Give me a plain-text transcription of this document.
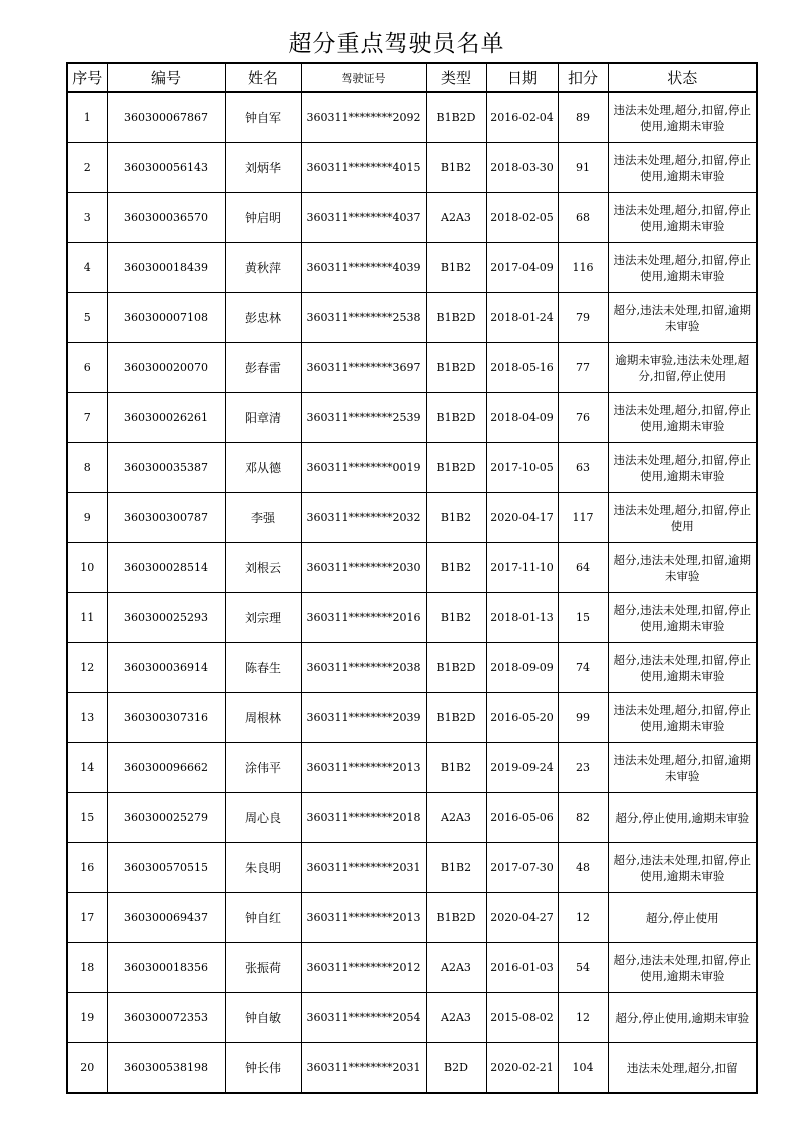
超分重点驾驶员名单
序号	编号	姓名	驾驶证号	类型	日期	扣分	状态
1	360300067867	钟自军	360311********2092	B1B2D	2016-02-04	89	违法未处理,超分,扣留,停止使用,逾期未审验
2	360300056143	刘炳华	360311********4015	B1B2	2018-03-30	91	违法未处理,超分,扣留,停止使用,逾期未审验
3	360300036570	钟启明	360311********4037	A2A3	2018-02-05	68	违法未处理,超分,扣留,停止使用,逾期未审验
4	360300018439	黄秋萍	360311********4039	B1B2	2017-04-09	116	违法未处理,超分,扣留,停止使用,逾期未审验
5	360300007108	彭忠林	360311********2538	B1B2D	2018-01-24	79	超分,违法未处理,扣留,逾期未审验
6	360300020070	彭春雷	360311********3697	B1B2D	2018-05-16	77	逾期未审验,违法未处理,超分,扣留,停止使用
7	360300026261	阳章清	360311********2539	B1B2D	2018-04-09	76	违法未处理,超分,扣留,停止使用,逾期未审验
8	360300035387	邓从德	360311********0019	B1B2D	2017-10-05	63	违法未处理,超分,扣留,停止使用,逾期未审验
9	360300300787	李强	360311********2032	B1B2	2020-04-17	117	违法未处理,超分,扣留,停止使用
10	360300028514	刘根云	360311********2030	B1B2	2017-11-10	64	超分,违法未处理,扣留,逾期未审验
11	360300025293	刘宗理	360311********2016	B1B2	2018-01-13	15	超分,违法未处理,扣留,停止使用,逾期未审验
12	360300036914	陈春生	360311********2038	B1B2D	2018-09-09	74	超分,违法未处理,扣留,停止使用,逾期未审验
13	360300307316	周根林	360311********2039	B1B2D	2016-05-20	99	违法未处理,超分,扣留,停止使用,逾期未审验
14	360300096662	涂伟平	360311********2013	B1B2	2019-09-24	23	违法未处理,超分,扣留,逾期未审验
15	360300025279	周心良	360311********2018	A2A3	2016-05-06	82	超分,停止使用,逾期未审验
16	360300570515	朱良明	360311********2031	B1B2	2017-07-30	48	超分,违法未处理,扣留,停止使用,逾期未审验
17	360300069437	钟自红	360311********2013	B1B2D	2020-04-27	12	超分,停止使用
18	360300018356	张振荷	360311********2012	A2A3	2016-01-03	54	超分,违法未处理,扣留,停止使用,逾期未审验
19	360300072353	钟自敏	360311********2054	A2A3	2015-08-02	12	超分,停止使用,逾期未审验
20	360300538198	钟长伟	360311********2031	B2D	2020-02-21	104	违法未处理,超分,扣留
